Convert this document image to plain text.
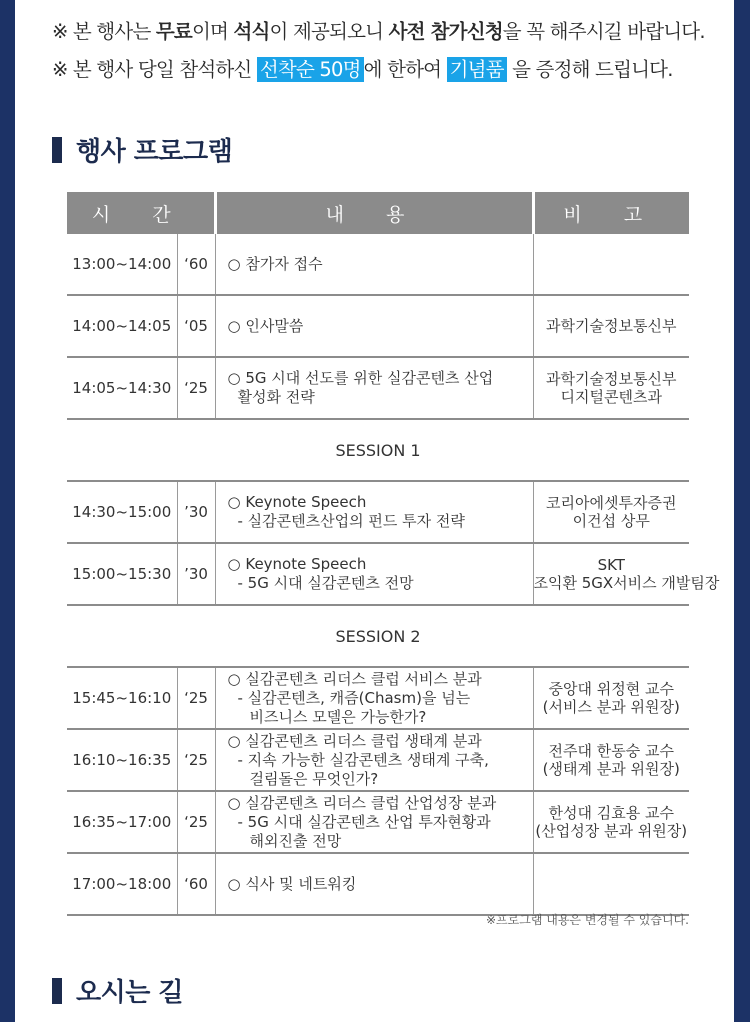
※ 본 행사는 무료이며 석식이 제공되오니 사전 참가신청을 꼭 해주시길 바랍니다.
※ 본 행사 당일 참석하신 선착순 50명 에 한하여 기념품 을 증정해 드립니다.
행사 프로그램
시 간		내 용	비 고
13:00~14:00	‘60	○ 참가자 접수	

14:00~14:05	‘05	○ 인사말씀	과학기술정보통신부

14:05~14:30	‘25	○ 5G 시대 선도를 위한 실감콘텐츠 산업
활성화 전략	과학기술정보통신부
디지털콘텐츠과

SESSION 1			
14:30~15:00	’30	○ Keynote Speech
- 실감콘텐츠산업의 펀드 투자 전략	코리아에셋투자증권
이건섭 상무

15:00~15:30	’30	○ Keynote Speech
- 5G 시대 실감콘텐츠 전망	SKT
조익환 5GX서비스 개발팀장

SESSION 2			
15:45~16:10	‘25	○ 실감콘텐츠 리더스 클럽 서비스 분과
- 실감콘텐츠, 캐즘(Chasm)을 넘는
비즈니스 모델은 가능한가?	중앙대 위정현 교수
(서비스 분과 위원장)

16:10~16:35	‘25	○ 실감콘텐츠 리더스 클럽 생태계 분과
- 지속 가능한 실감콘텐츠 생태계 구축,
걸림돌은 무엇인가?	전주대 한동숭 교수
(생태계 분과 위원장)

16:35~17:00	‘25	○ 실감콘텐츠 리더스 클럽 산업성장 분과
- 5G 시대 실감콘텐츠 산업 투자현황과
해외진출 전망	한성대 김효용 교수
(산업성장 분과 위원장)

17:00~18:00	‘60	○ 식사 및 네트워킹	

※프로그램 내용은 변경될 수 있습니다.
오시는 길
